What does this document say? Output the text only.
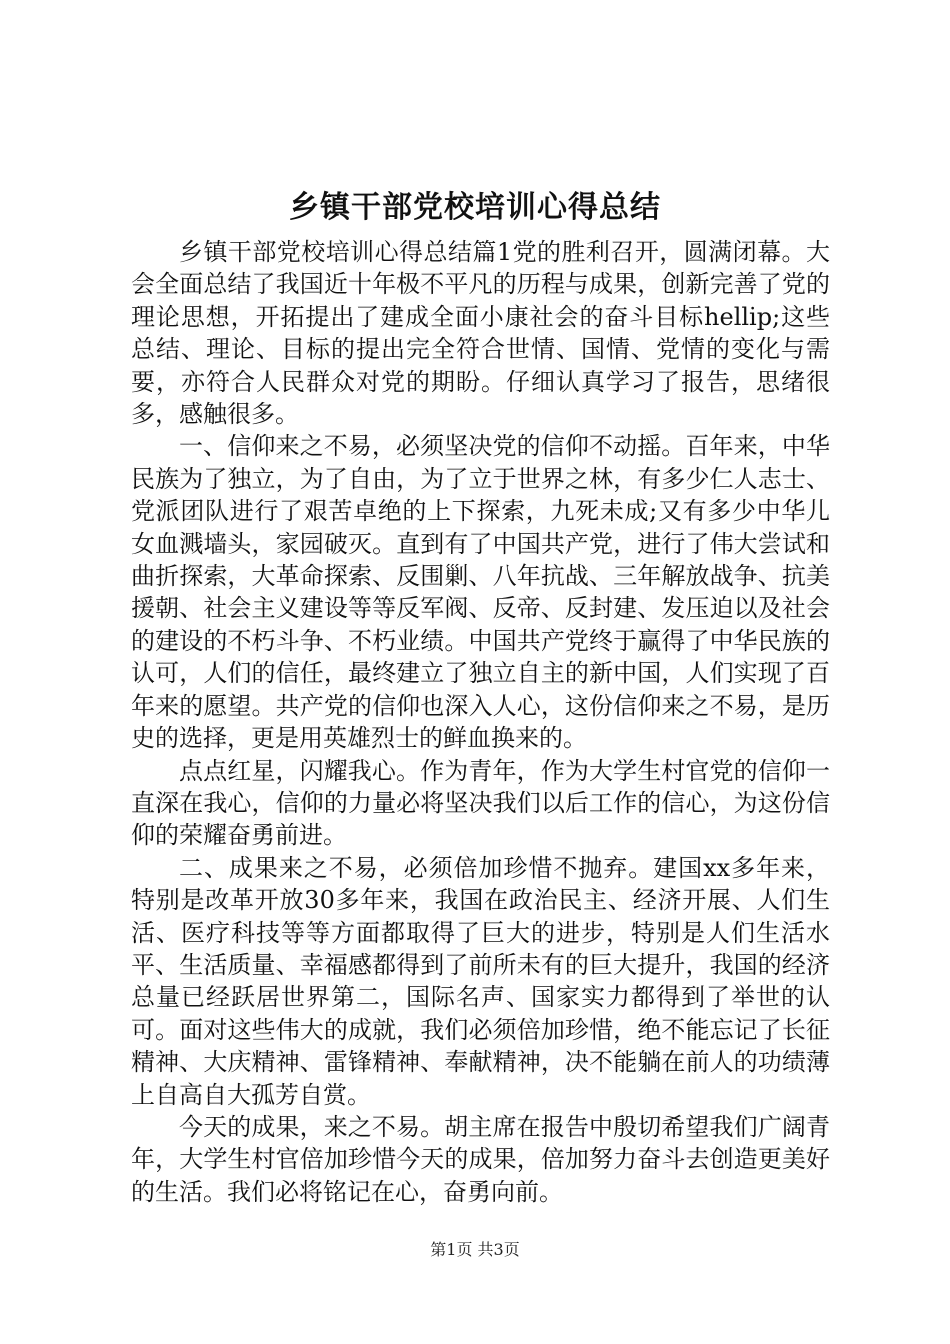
乡镇干部党校培训心得总结

乡镇干部党校培训心得总结篇1党的胜利召开，圆满闭幕。大会全面总结了我国近十年极不平凡的历程与成果，创新完善了党的理论思想，开拓提出了建成全面小康社会的奋斗目标hellip;这些总结、理论、目标的提出完全符合世情、国情、党情的变化与需要，亦符合人民群众对党的期盼。仔细认真学习了报告，思绪很多，感触很多。

一、信仰来之不易，必须坚决党的信仰不动摇。百年来，中华民族为了独立，为了自由，为了立于世界之林，有多少仁人志士、党派团队进行了艰苦卓绝的上下探索，九死未成;又有多少中华儿女血溅墙头，家园破灭。直到有了中国共产党，进行了伟大尝试和曲折探索，大革命探索、反围剿、八年抗战、三年解放战争、抗美援朝、社会主义建设等等反军阀、反帝、反封建、发压迫以及社会的建设的不朽斗争、不朽业绩。中国共产党终于赢得了中华民族的认可，人们的信任，最终建立了独立自主的新中国，人们实现了百年来的愿望。共产党的信仰也深入人心，这份信仰来之不易，是历史的选择，更是用英雄烈士的鲜血换来的。

点点红星，闪耀我心。作为青年，作为大学生村官党的信仰一直深在我心，信仰的力量必将坚决我们以后工作的信心，为这份信仰的荣耀奋勇前进。

二、成果来之不易，必须倍加珍惜不抛弃。建国xx多年来，特别是改革开放30多年来，我国在政治民主、经济开展、人们生活、医疗科技等等方面都取得了巨大的进步，特别是人们生活水平、生活质量、幸福感都得到了前所未有的巨大提升，我国的经济总量已经跃居世界第二，国际名声、国家实力都得到了举世的认可。面对这些伟大的成就，我们必须倍加珍惜，绝不能忘记了长征精神、大庆精神、雷锋精神、奉献精神，决不能躺在前人的功绩薄上自高自大孤芳自赏。

今天的成果，来之不易。胡主席在报告中殷切希望我们广阔青年，大学生村官倍加珍惜今天的成果，倍加努力奋斗去创造更美好的生活。我们必将铭记在心，奋勇向前。

第1页 共3页
